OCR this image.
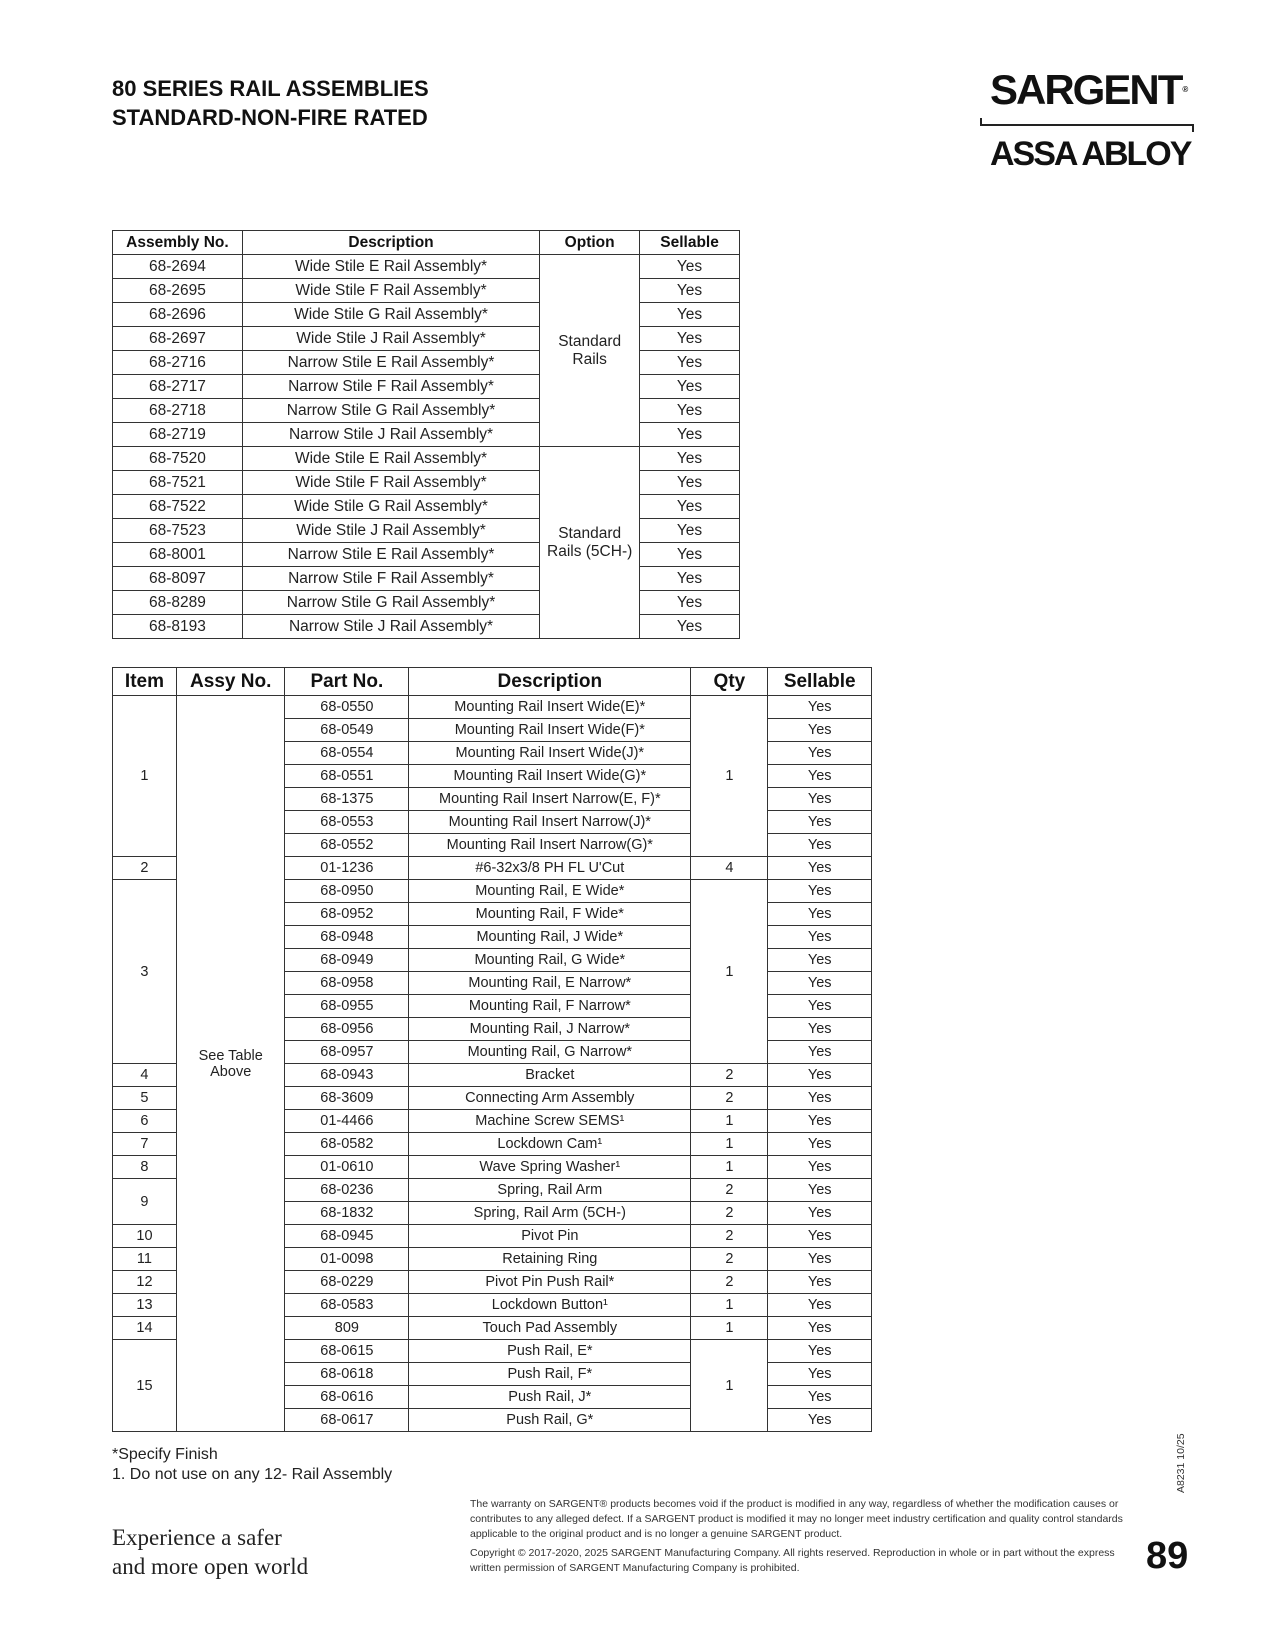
80 SERIES RAIL ASSEMBLIES
STANDARD-NON-FIRE RATED
SARGENT®
ASSA ABLOY
Assembly No.	Description	Option	Sellable
68-2694	Wide Stile E Rail Assembly*	Standard Rails	Yes
68-2695	Wide Stile F Rail Assembly*		Yes
68-2696	Wide Stile G Rail Assembly*		Yes
68-2697	Wide Stile J Rail Assembly*		Yes
68-2716	Narrow Stile E Rail Assembly*		Yes
68-2717	Narrow Stile F Rail Assembly*		Yes
68-2718	Narrow Stile G Rail Assembly*		Yes
68-2719	Narrow Stile J Rail Assembly*		Yes
68-7520	Wide Stile E Rail Assembly*	Standard Rails (5CH-)	Yes
68-7521	Wide Stile F Rail Assembly*		Yes
68-7522	Wide Stile G Rail Assembly*		Yes
68-7523	Wide Stile J Rail Assembly*		Yes
68-8001	Narrow Stile E Rail Assembly*		Yes
68-8097	Narrow Stile F Rail Assembly*		Yes
68-8289	Narrow Stile G Rail Assembly*		Yes
68-8193	Narrow Stile J Rail Assembly*		Yes
Item	Assy No.	Part No.	Description	Qty	Sellable
1	See Table Above	68-0550	Mounting Rail Insert Wide(E)*	1	Yes
		68-0549	Mounting Rail Insert Wide(F)*		Yes
		68-0554	Mounting Rail Insert Wide(J)*		Yes
		68-0551	Mounting Rail Insert Wide(G)*		Yes
		68-1375	Mounting Rail Insert Narrow(E, F)*		Yes
		68-0553	Mounting Rail Insert Narrow(J)*		Yes
		68-0552	Mounting Rail Insert Narrow(G)*		Yes
2		01-1236	#6-32x3/8 PH FL U'Cut	4	Yes
3		68-0950	Mounting Rail, E Wide*	1	Yes
		68-0952	Mounting Rail, F Wide*		Yes
		68-0948	Mounting Rail, J Wide*		Yes
		68-0949	Mounting Rail, G Wide*		Yes
		68-0958	Mounting Rail, E Narrow*		Yes
		68-0955	Mounting Rail, F Narrow*		Yes
		68-0956	Mounting Rail, J Narrow*		Yes
		68-0957	Mounting Rail, G Narrow*		Yes
4		68-0943	Bracket	2	Yes
5		68-3609	Connecting Arm Assembly	2	Yes
6		01-4466	Machine Screw SEMS¹	1	Yes
7		68-0582	Lockdown Cam¹	1	Yes
8		01-0610	Wave Spring Washer¹	1	Yes
9		68-0236	Spring, Rail Arm	2	Yes
		68-1832	Spring, Rail Arm (5CH-)	2	Yes
10		68-0945	Pivot Pin	2	Yes
11		01-0098	Retaining Ring	2	Yes
12		68-0229	Pivot Pin Push Rail*	2	Yes
13		68-0583	Lockdown Button¹	1	Yes
14		809	Touch Pad Assembly	1	Yes
15		68-0615	Push Rail, E*	1	Yes
		68-0618	Push Rail, F*		Yes
		68-0616	Push Rail, J*		Yes
		68-0617	Push Rail, G*		Yes
*Specify Finish
1. Do not use on any 12- Rail Assembly
Experience a safer
and more open world
The warranty on SARGENT® products becomes void if the product is modified in any way, regardless of whether the modification causes or contributes to any alleged defect. If a SARGENT product is modified it may no longer meet industry certification and quality control standards applicable to the original product and is no longer a genuine SARGENT product.
Copyright © 2017-2020, 2025 SARGENT Manufacturing Company. All rights reserved. Reproduction in whole or in part without the express written permission of SARGENT Manufacturing Company is prohibited.	89
A8231 10/25
